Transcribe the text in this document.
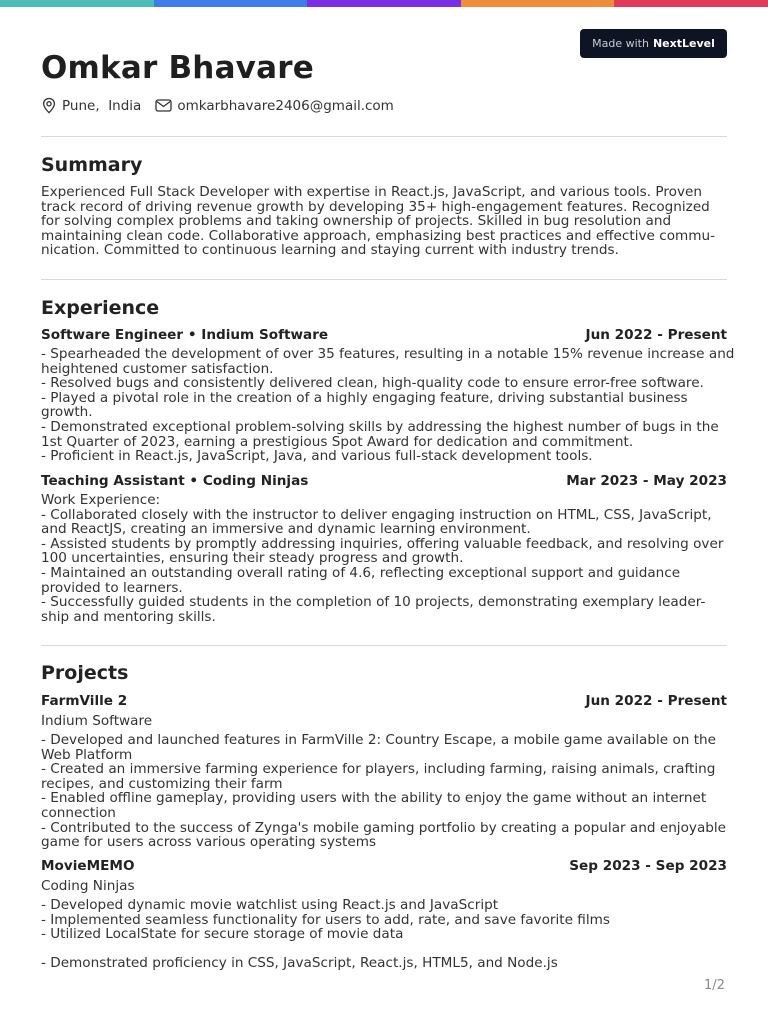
Made with NextLevel
Omkar Bhavare
Pune,  India	omkarbhavare2406@gmail.com
Summary
Experienced Full Stack Developer with expertise in React.js, JavaScript, and various tools. Proven
track record of driving revenue growth by developing 35+ high-engagement features. Recognized
for solving complex problems and taking ownership of projects. Skilled in bug resolution and
maintaining clean code. Collaborative approach, emphasizing best practices and effective commu-
nication. Committed to continuous learning and staying current with industry trends.
Experience
Software Engineer • Indium Software	Jun 2022 - Present
- Spearheaded the development of over 35 features, resulting in a notable 15% revenue increase and
heightened customer satisfaction.
- Resolved bugs and consistently delivered clean, high-quality code to ensure error-free software.
- Played a pivotal role in the creation of a highly engaging feature, driving substantial business
growth.
- Demonstrated exceptional problem-solving skills by addressing the highest number of bugs in the
1st Quarter of 2023, earning a prestigious Spot Award for dedication and commitment.
- Proficient in React.js, JavaScript, Java, and various full-stack development tools.
Teaching Assistant • Coding Ninjas	Mar 2023 - May 2023
Work Experience:
- Collaborated closely with the instructor to deliver engaging instruction on HTML, CSS, JavaScript,
and ReactJS, creating an immersive and dynamic learning environment.
- Assisted students by promptly addressing inquiries, offering valuable feedback, and resolving over
100 uncertainties, ensuring their steady progress and growth.
- Maintained an outstanding overall rating of 4.6, reflecting exceptional support and guidance
provided to learners.
- Successfully guided students in the completion of 10 projects, demonstrating exemplary leader-
ship and mentoring skills.
Projects
FarmVille 2	Jun 2022 - Present
Indium Software
- Developed and launched features in FarmVille 2: Country Escape, a mobile game available on the
Web Platform
- Created an immersive farming experience for players, including farming, raising animals, crafting
recipes, and customizing their farm
- Enabled offline gameplay, providing users with the ability to enjoy the game without an internet
connection
- Contributed to the success of Zynga's mobile gaming portfolio by creating a popular and enjoyable
game for users across various operating systems
MovieMEMO	Sep 2023 - Sep 2023
Coding Ninjas
- Developed dynamic movie watchlist using React.js and JavaScript
- Implemented seamless functionality for users to add, rate, and save favorite films
- Utilized LocalState for secure storage of movie data
- Demonstrated proficiency in CSS, JavaScript, React.js, HTML5, and Node.js
1/2
